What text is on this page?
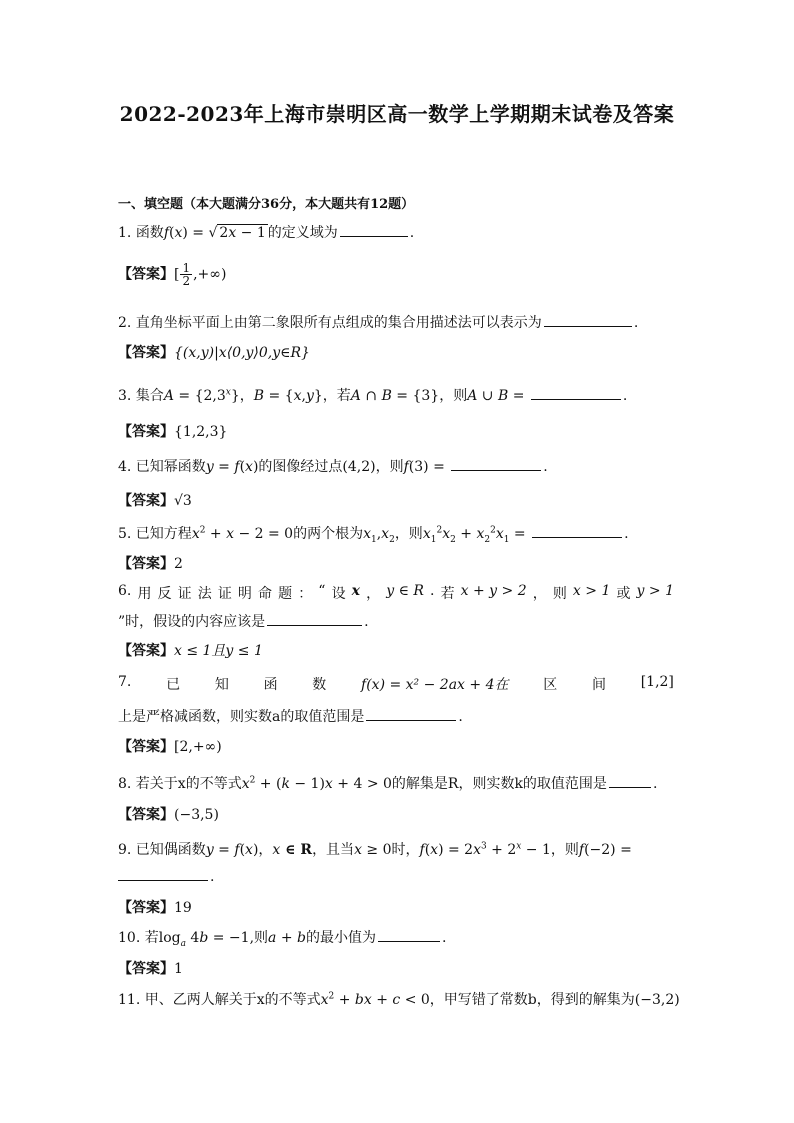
2022-2023年上海市崇明区高一数学上学期期末试卷及答案
一、填空题（本大题满分36分，本大题共有12题）
1. 函数f(x) = √ 2x − 1 的定义域为	.
【答案】[ $\frac{1}{2}$ ,+∞)
2. 直角坐标平面上由第二象限所有点组成的集合用描述法可以表示为	.
【答案】{(x,y)|x⟨0,y⟩0,y∈R}
3. 集合$A = \{2,3^x\}$，B = {x,y}，若A ∩ B = {3}，则A ∪ B =	.
【答案】{1,2,3}
4. 已知幂函数y = f(x)的图像经过点(4,2)，则f(3) =	.
【答案】√3
5. 已知方程$x^2 + x - 2 = 0$的两个根为$x_1,x_2$，则$x_1^2x_2 + x_2^2x_1$ =	.
【答案】2
6. 用 反 证 法 证 明 命 题 ： “ 设 x ， y ∈ R . 若 x + y > 2 ， 则 x > 1 或 y > 1
”时，假设的内容应该是	.
【答案】x ≤ 1且y ≤ 1
7. 已 知 函 数 f(x) = x² − 2ax + 4在 区 间 [1,2]
上是严格减函数，则实数a的取值范围是	.
【答案】[2,+∞)
8. 若关于x的不等式$x^2 + (k - 1)x + 4 > 0$的解集是R，则实数k的取值范围是	.
【答案】(−3,5)
9. 已知偶函数y = f(x)，x ∈ R，且当x ≥ 0时，$f(x) = 2x^3 + 2^x - 1$，则f(−2) =
.
【答案】19
10. 若$\log_a 4b = -1$,则a + b的最小值为	.
【答案】1
11. 甲、乙两人解关于x的不等式$x^2$ + bx + c < 0，甲写错了常数b，得到的解集为(−3,2)
